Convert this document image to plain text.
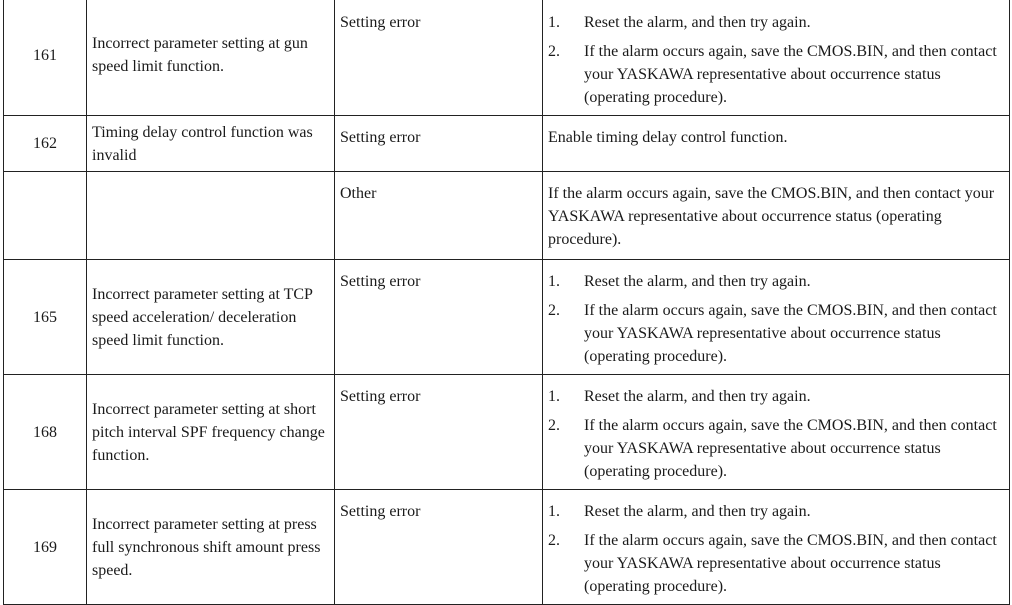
161	Incorrect parameter setting at gun speed limit function.	Setting error	1. Reset the alarm, and then try again.
2. If the alarm occurs again, save the CMOS.BIN, and then contact your YASKAWA representative about occurrence status (operating procedure).

162	Timing delay control function was invalid	Setting error	Enable timing delay control function.

		Other	If the alarm occurs again, save the CMOS.BIN, and then contact your YASKAWA representative about occurrence status (operating procedure).

165	Incorrect parameter setting at TCP speed acceleration/ deceleration speed limit function.	Setting error	1. Reset the alarm, and then try again.
2. If the alarm occurs again, save the CMOS.BIN, and then contact your YASKAWA representative about occurrence status (operating procedure).

168	Incorrect parameter setting at short pitch interval SPF frequency change function.	Setting error	1. Reset the alarm, and then try again.
2. If the alarm occurs again, save the CMOS.BIN, and then contact your YASKAWA representative about occurrence status (operating procedure).

169	Incorrect parameter setting at press full synchronous shift amount press speed.	Setting error	1. Reset the alarm, and then try again.
2. If the alarm occurs again, save the CMOS.BIN, and then contact your YASKAWA representative about occurrence status (operating procedure).
